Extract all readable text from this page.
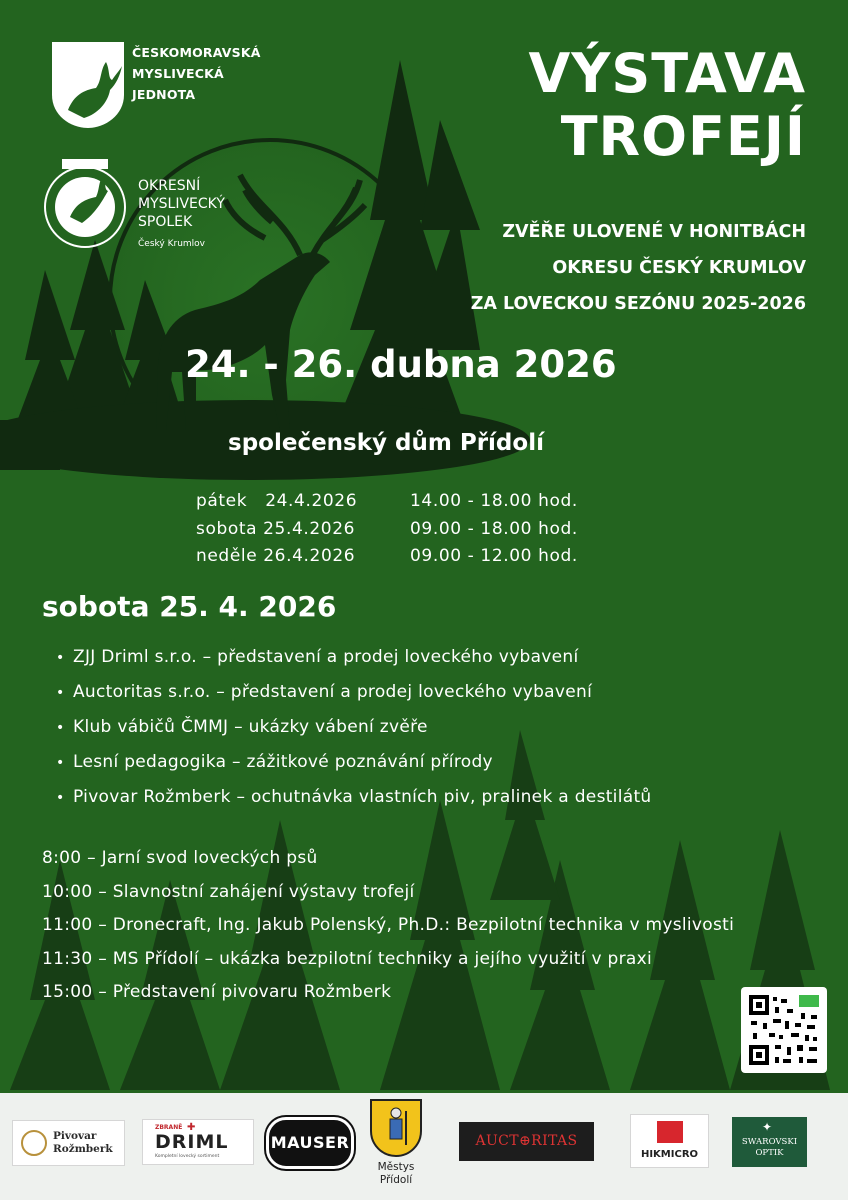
ČESKOMORAVSKÁ
MYSLIVECKÁ
JEDNOTA
OKRESNÍ
MYSLIVECKÝ
SPOLEK
Český Krumlov
VÝSTAVA
TROFEJÍ
ZVĚŘE ULOVENÉ V HONITBÁCH
OKRESU ČESKÝ KRUMLOV
ZA LOVECKOU SEZÓNU 2025-2026
24. - 26. dubna 2026
společenský dům Přídolí
pátek   24.4.2026	14.00 - 18.00 hod.
sobota 25.4.2026	09.00 - 18.00 hod.
neděle 26.4.2026	09.00 - 12.00 hod.
sobota 25. 4. 2026
• ZJJ Driml s.r.o. – představení a prodej loveckého vybavení
• Auctoritas s.r.o. – představení a prodej loveckého vybavení
• Klub vábičů ČMMJ – ukázky vábení zvěře
• Lesní pedagogika – zážitkové poznávání přírody
• Pivovar Rožmberk – ochutnávka vlastních piv, pralinek a destilátů
8:00 – Jarní svod loveckých psů
10:00 – Slavnostní zahájení výstavy trofejí
11:00 – Dronecraft, Ing. Jakub Polenský, Ph.D.: Bezpilotní technika v myslivosti
11:30 – MS Přídolí – ukázka bezpilotní techniky a jejího využití v praxi
15:00 – Představení pivovaru Rožmberk
Pivovar
Rožmberk
ZBRANĚ ✚
DRIML
Kompletní lovecký sortiment
MAUSER
Městys
Přídolí
AUCT⊕RITAS
HIKMICRO
✦
SWAROVSKI
OPTIK
